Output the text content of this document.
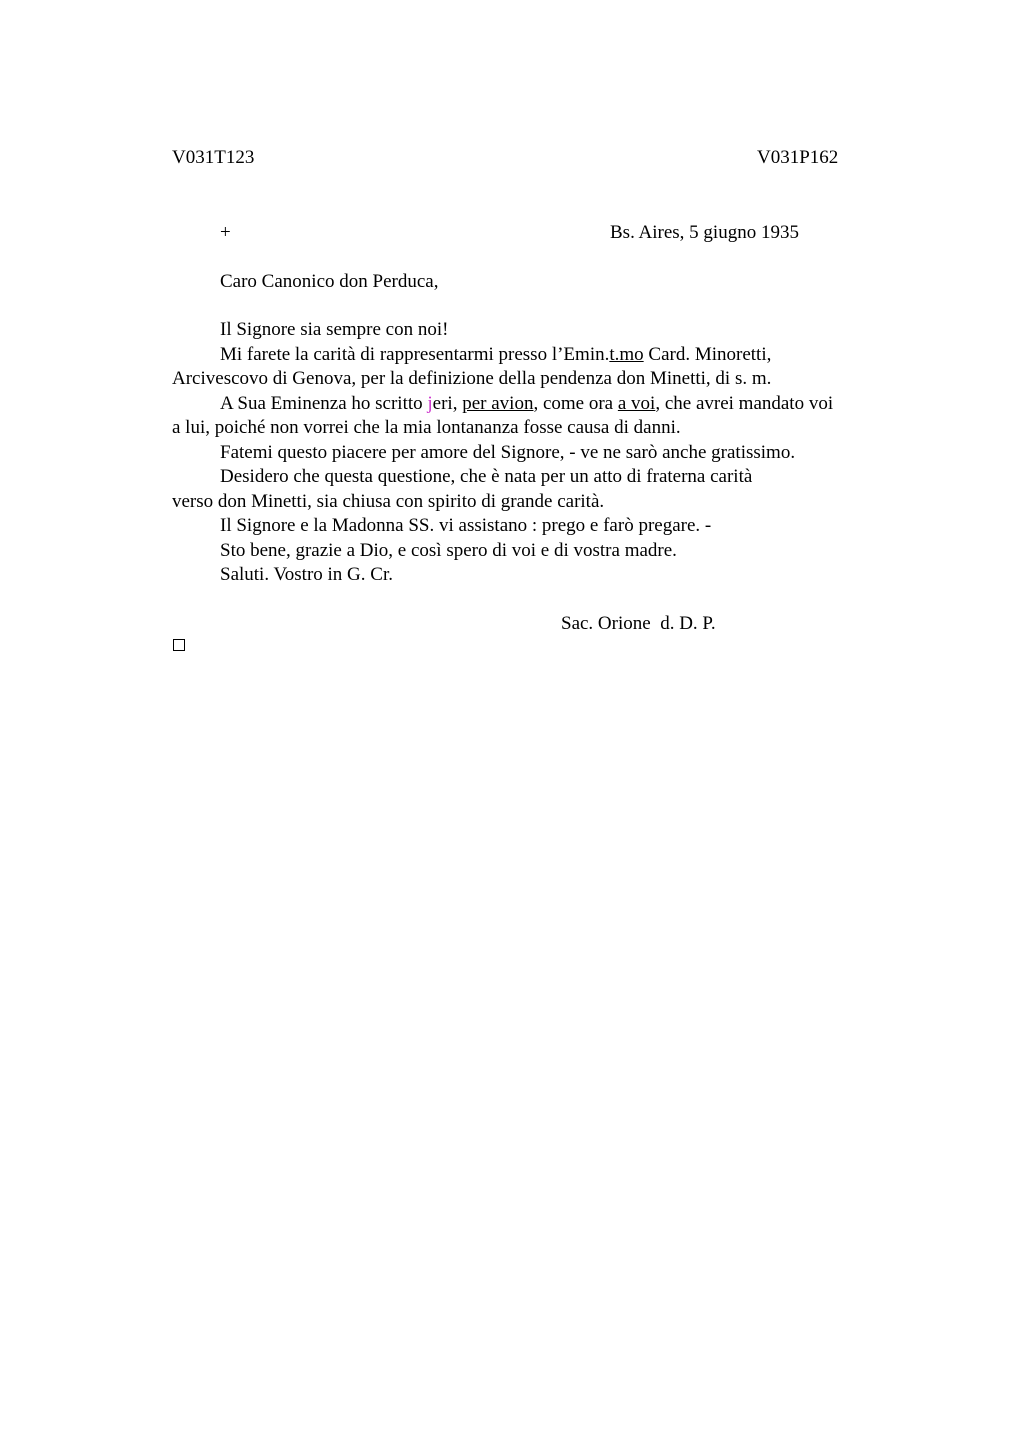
V031T123	V031P162
+	Bs. Aires, 5 giugno 1935
Caro Canonico don Perduca,
Il Signore sia sempre con noi!
Mi farete la carità di rappresentarmi presso l’Emin.t.mo Card. Minoretti,
Arcivescovo di Genova, per la definizione della pendenza don Minetti, di s. m.
A Sua Eminenza ho scritto jeri, per avion, come ora a voi, che avrei mandato voi
a lui, poiché non vorrei che la mia lontananza fosse causa di danni.
Fatemi questo piacere per amore del Signore, - ve ne sarò anche gratissimo.
Desidero che questa questione, che è nata per un atto di fraterna carità
verso don Minetti, sia chiusa con spirito di grande carità.
Il Signore e la Madonna SS. vi assistano : prego e farò pregare. -
Sto bene, grazie a Dio, e così spero di voi e di vostra madre.
Saluti. Vostro in G. Cr.
Sac. Orione  d. D. P.
